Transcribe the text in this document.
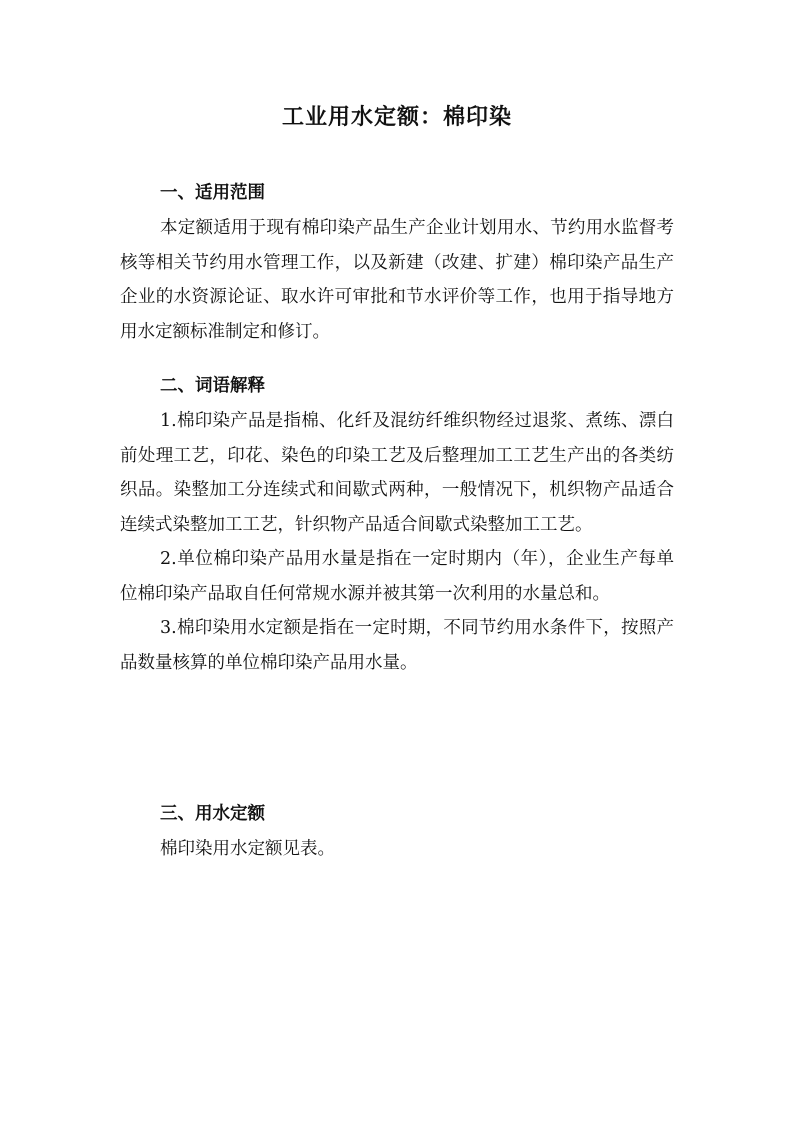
工业用水定额：棉印染
一、适用范围

本定额适用于现有棉印染产品生产企业计划用水、节约用水监督考核等相关节约用水管理工作，以及新建（改建、扩建）棉印染产品生产企业的水资源论证、取水许可审批和节水评价等工作，也用于指导地方用水定额标准制定和修订。

二、词语解释

1.棉印染产品是指棉、化纤及混纺纤维织物经过退浆、煮练、漂白前处理工艺，印花、染色的印染工艺及后整理加工工艺生产出的各类纺织品。染整加工分连续式和间歇式两种，一般情况下，机织物产品适合连续式染整加工工艺，针织物产品适合间歇式染整加工工艺。

2.单位棉印染产品用水量是指在一定时期内（年），企业生产每单位棉印染产品取自任何常规水源并被其第一次利用的水量总和。

3.棉印染用水定额是指在一定时期，不同节约用水条件下，按照产品数量核算的单位棉印染产品用水量。

三、用水定额

棉印染用水定额见表。
